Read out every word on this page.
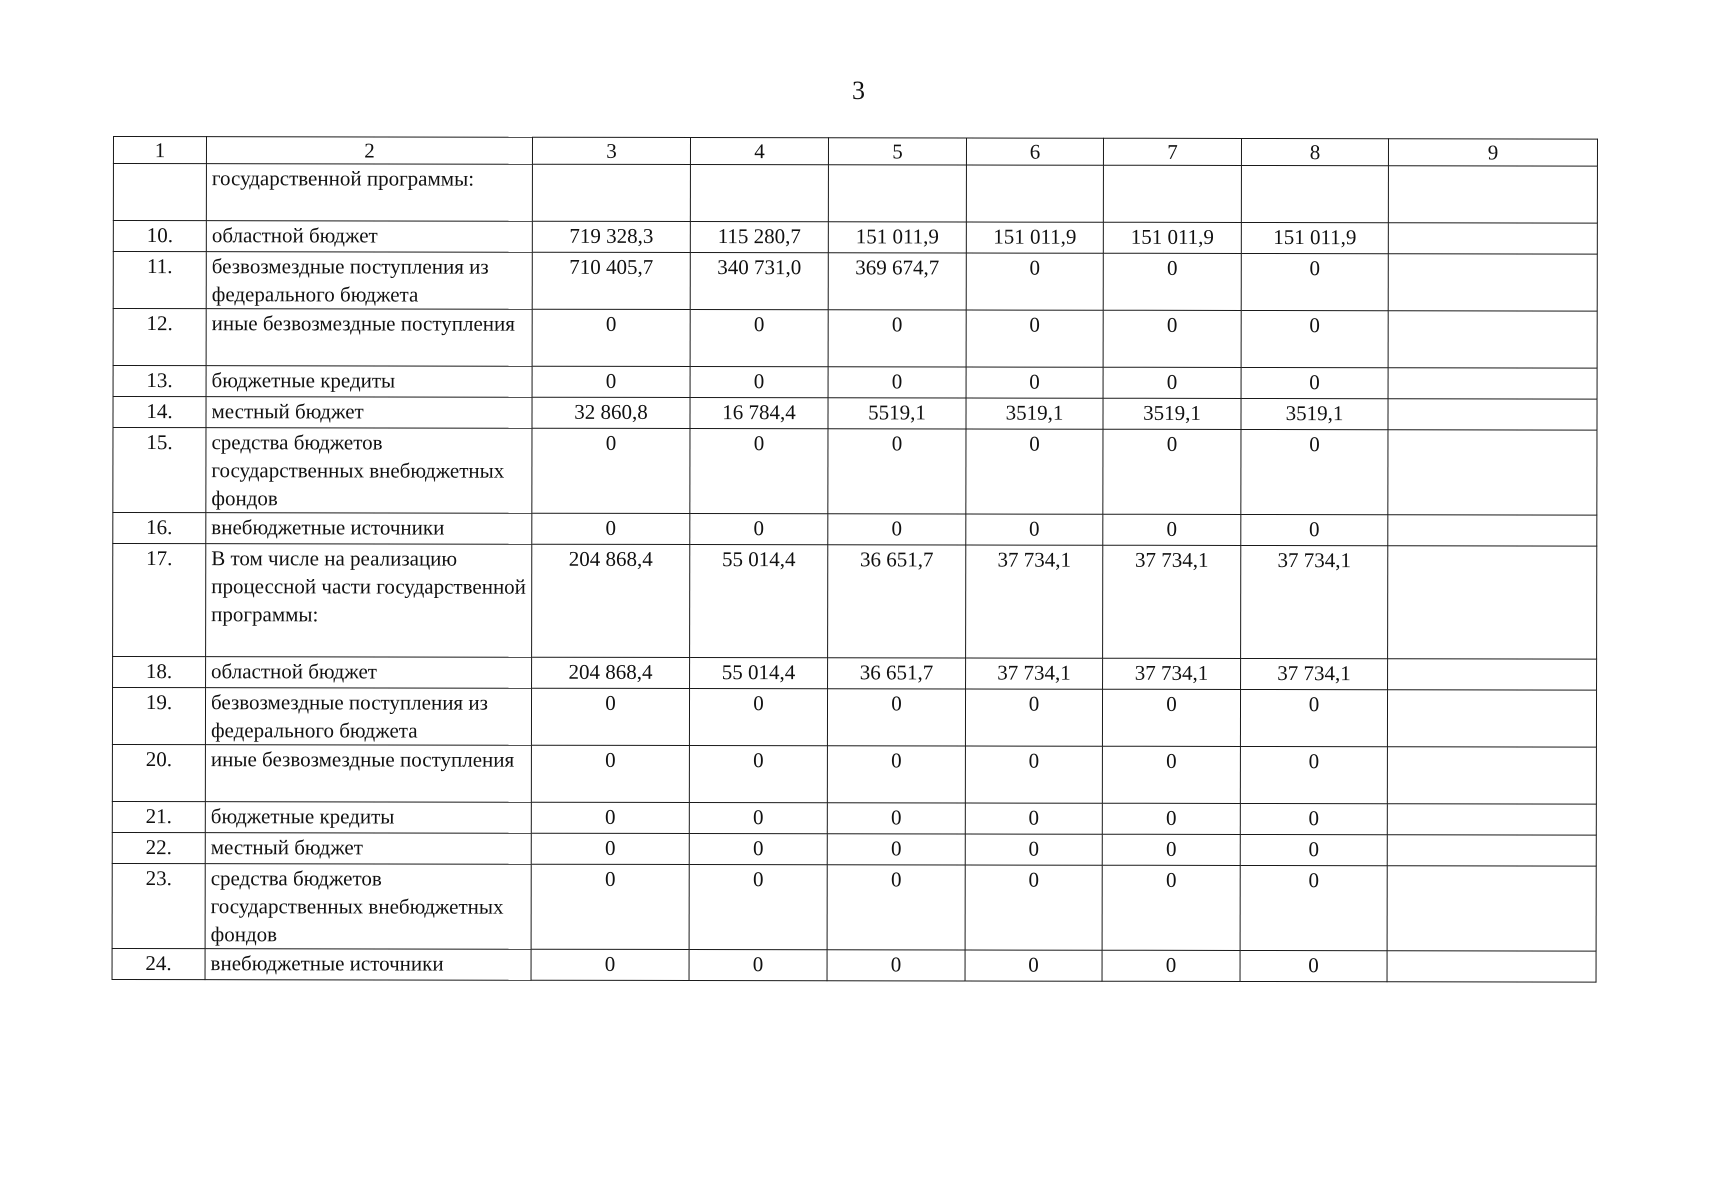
3
1	2	3	4	5	6	7	8	9
	государственной программы:							
10.	областной бюджет	719 328,3	115 280,7	151 011,9	151 011,9	151 011,9	151 011,9	
11.	безвозмездные поступления из федерального бюджета	710 405,7	340 731,0	369 674,7	0	0	0	
12.	иные безвозмездные поступления	0	0	0	0	0	0	
13.	бюджетные кредиты	0	0	0	0	0	0	
14.	местный бюджет	32 860,8	16 784,4	5519,1	3519,1	3519,1	3519,1	
15.	средства бюджетов государственных внебюджетных фондов	0	0	0	0	0	0	
16.	внебюджетные источники	0	0	0	0	0	0	
17.	В том числе на реализацию процессной части государственной программы:	204 868,4	55 014,4	36 651,7	37 734,1	37 734,1	37 734,1	
18.	областной бюджет	204 868,4	55 014,4	36 651,7	37 734,1	37 734,1	37 734,1	
19.	безвозмездные поступления из федерального бюджета	0	0	0	0	0	0	
20.	иные безвозмездные поступления	0	0	0	0	0	0	
21.	бюджетные кредиты	0	0	0	0	0	0	
22.	местный бюджет	0	0	0	0	0	0	
23.	средства бюджетов государственных внебюджетных фондов	0	0	0	0	0	0	
24.	внебюджетные источники	0	0	0	0	0	0	
